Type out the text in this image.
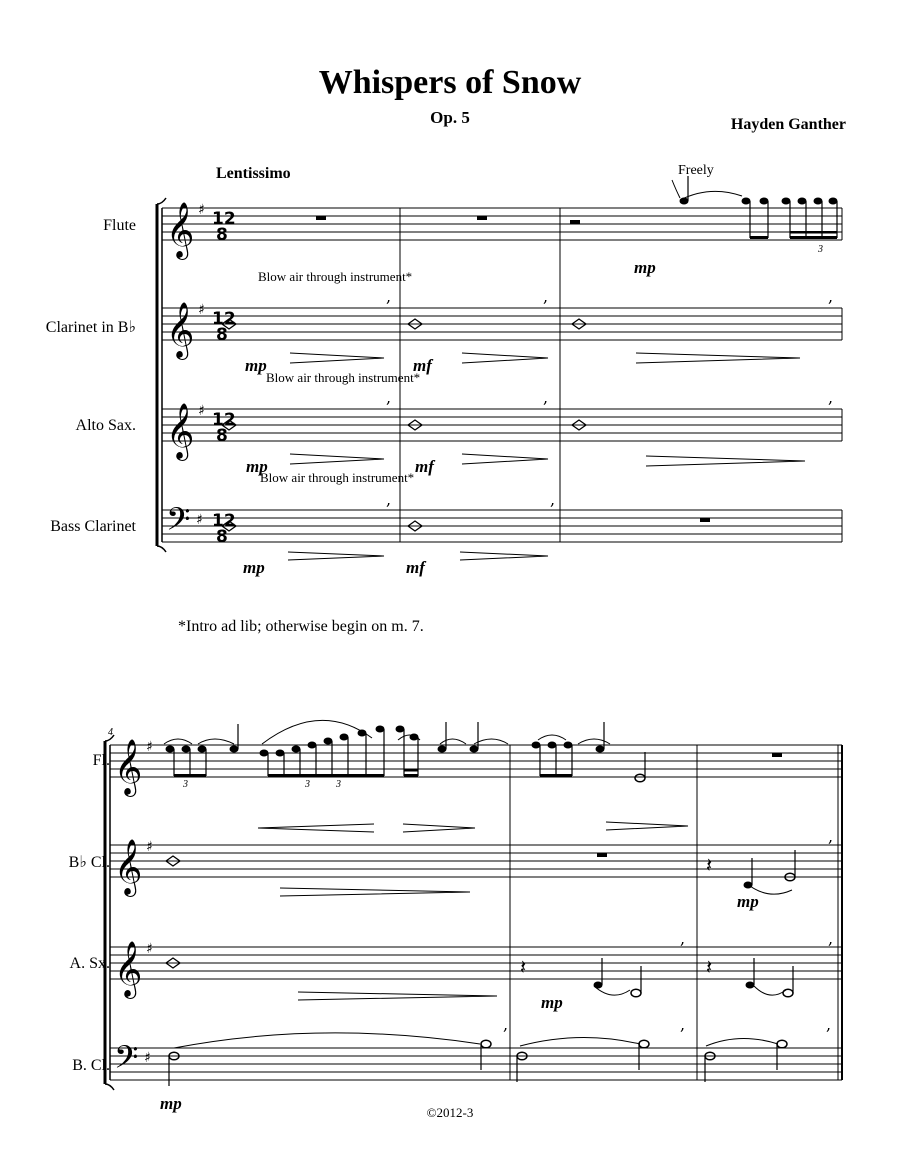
Whispers of Snow
Op. 5	Hayden Ganther
Lentissimo	Freely
Flute
Clarinet in B♭
Alto Sax.
Bass Clarinet
Blow air through instrument*
Blow air through instrument*
Blow air through instrument*
mp
mp	mf
mp	mf
mp	mf
3
*Intro ad lib; otherwise begin on m. 7.
4
Fl.
B♭ Cl.
A. Sx.
B. Cl.
3	3	3
mp
mp
mp	©2012-3
𝄞
𝄞
𝄞
𝄢
♯
♯
♯
♯
12
8
12
8
12
8
12
8
,	,	,
,	,	,
,	,
𝄞
𝄞
𝄞
𝄢
♯
♯
♯
♯
𝄽
,
𝄽
,
𝄽
,
,	,	,
